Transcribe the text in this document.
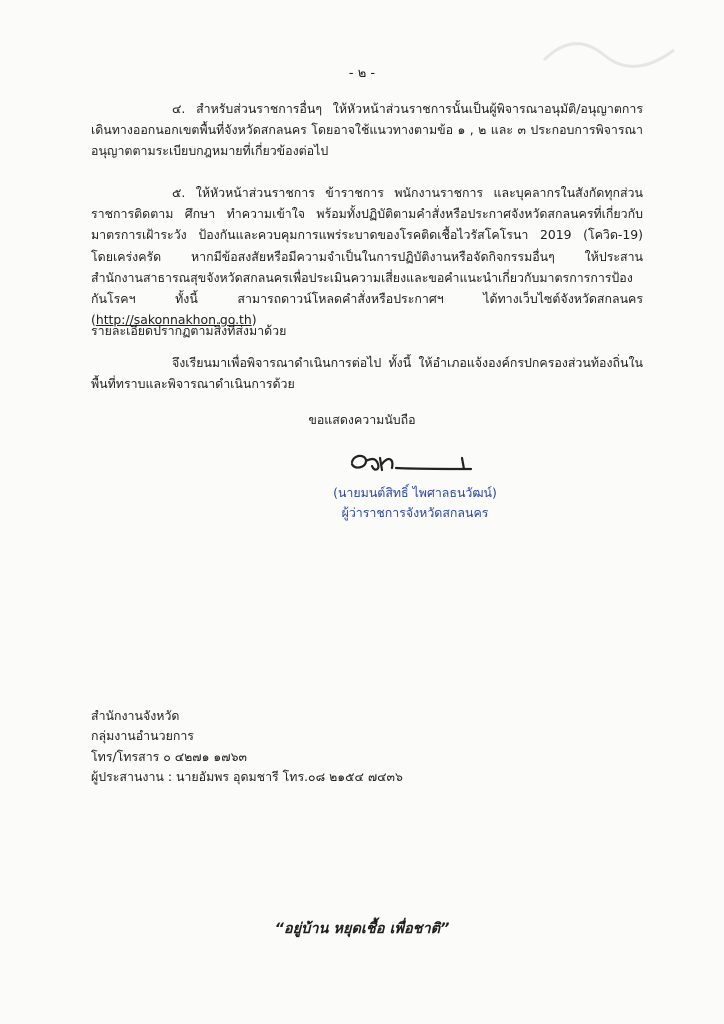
- ๒ -

๔. สำหรับส่วนราชการอื่นๆ ให้หัวหน้าส่วนราชการนั้นเป็นผู้พิจารณาอนุมัติ/อนุญาตการเดินทางออกนอกเขตพื้นที่จังหวัดสกลนคร โดยอาจใช้แนวทางตามข้อ ๑ , ๒ และ ๓ ประกอบการพิจารณาอนุญาตตามระเบียบกฎหมายที่เกี่ยวข้องต่อไป

๕. ให้หัวหน้าส่วนราชการ ข้าราชการ พนักงานราชการ และบุคลากรในสังกัดทุกส่วนราชการติดตาม ศึกษา ทำความเข้าใจ พร้อมทั้งปฏิบัติตามคำสั่งหรือประกาศจังหวัดสกลนครที่เกี่ยวกับมาตรการเฝ้าระวัง ป้องกันและควบคุมการแพร่ระบาดของโรคติดเชื้อไวรัสโคโรนา 2019 (โควิด-19) โดยเคร่งครัด หากมีข้อสงสัยหรือมีความจำเป็นในการปฏิบัติงานหรือจัดกิจกรรมอื่นๆ ให้ประสานสำนักงานสาธารณสุขจังหวัดสกลนครเพื่อประเมินความเสี่ยงและขอคำแนะนำเกี่ยวกับมาตรการการป้องกันโรคฯ ทั้งนี้ สามารถดาวน์โหลดคำสั่งหรือประกาศฯ ได้ทางเว็บไซต์จังหวัดสกลนคร (http://sakonnakhon.go.th)

รายละเอียดปรากฏตามสิ่งที่ส่งมาด้วย

จึงเรียนมาเพื่อพิจารณาดำเนินการต่อไป ทั้งนี้ ให้อำเภอแจ้งองค์กรปกครองส่วนท้องถิ่นในพื้นที่ทราบและพิจารณาดำเนินการด้วย

ขอแสดงความนับถือ
(นายมนต์สิทธิ์ ไพศาลธนวัฒน์)
ผู้ว่าราชการจังหวัดสกลนคร
สำนักงานจังหวัด
กลุ่มงานอำนวยการ
โทร/โทรสาร ๐ ๔๒๗๑ ๑๗๖๓
ผู้ประสานงาน : นายอัมพร อุดมชารี โทร.๐๘ ๒๑๕๔ ๗๔๓๖
“อยู่บ้าน หยุดเชื้อ เพื่อชาติ”
